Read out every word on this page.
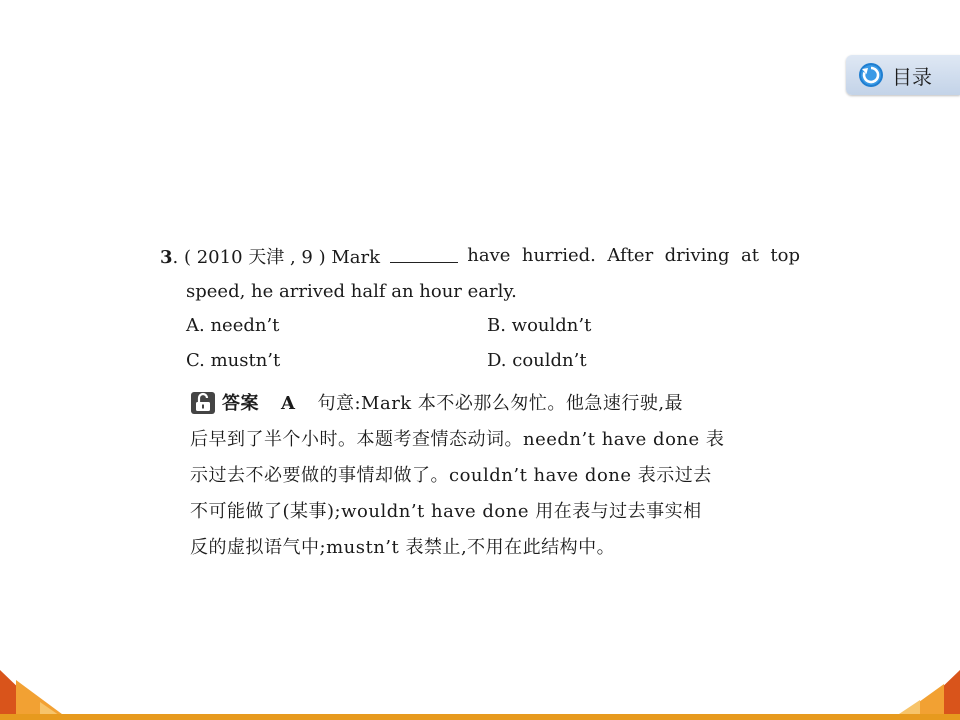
目录
3. ( 2010 天津 , 9 ) Mark	have  hurried.  After  driving  at  top
speed, he arrived half an hour early.
A. needn’t	B. wouldn’t
C. mustn’t	D. couldn’t
答案 A 句意:Mark 本不必那么匆忙。他急速行驶,最
后早到了半个小时。本题考查情态动词。needn’t have done 表
示过去不必要做的事情却做了。couldn’t have done 表示过去
不可能做了(某事);wouldn’t have done 用在表与过去事实相
反的虚拟语气中;mustn’t 表禁止,不用在此结构中。
